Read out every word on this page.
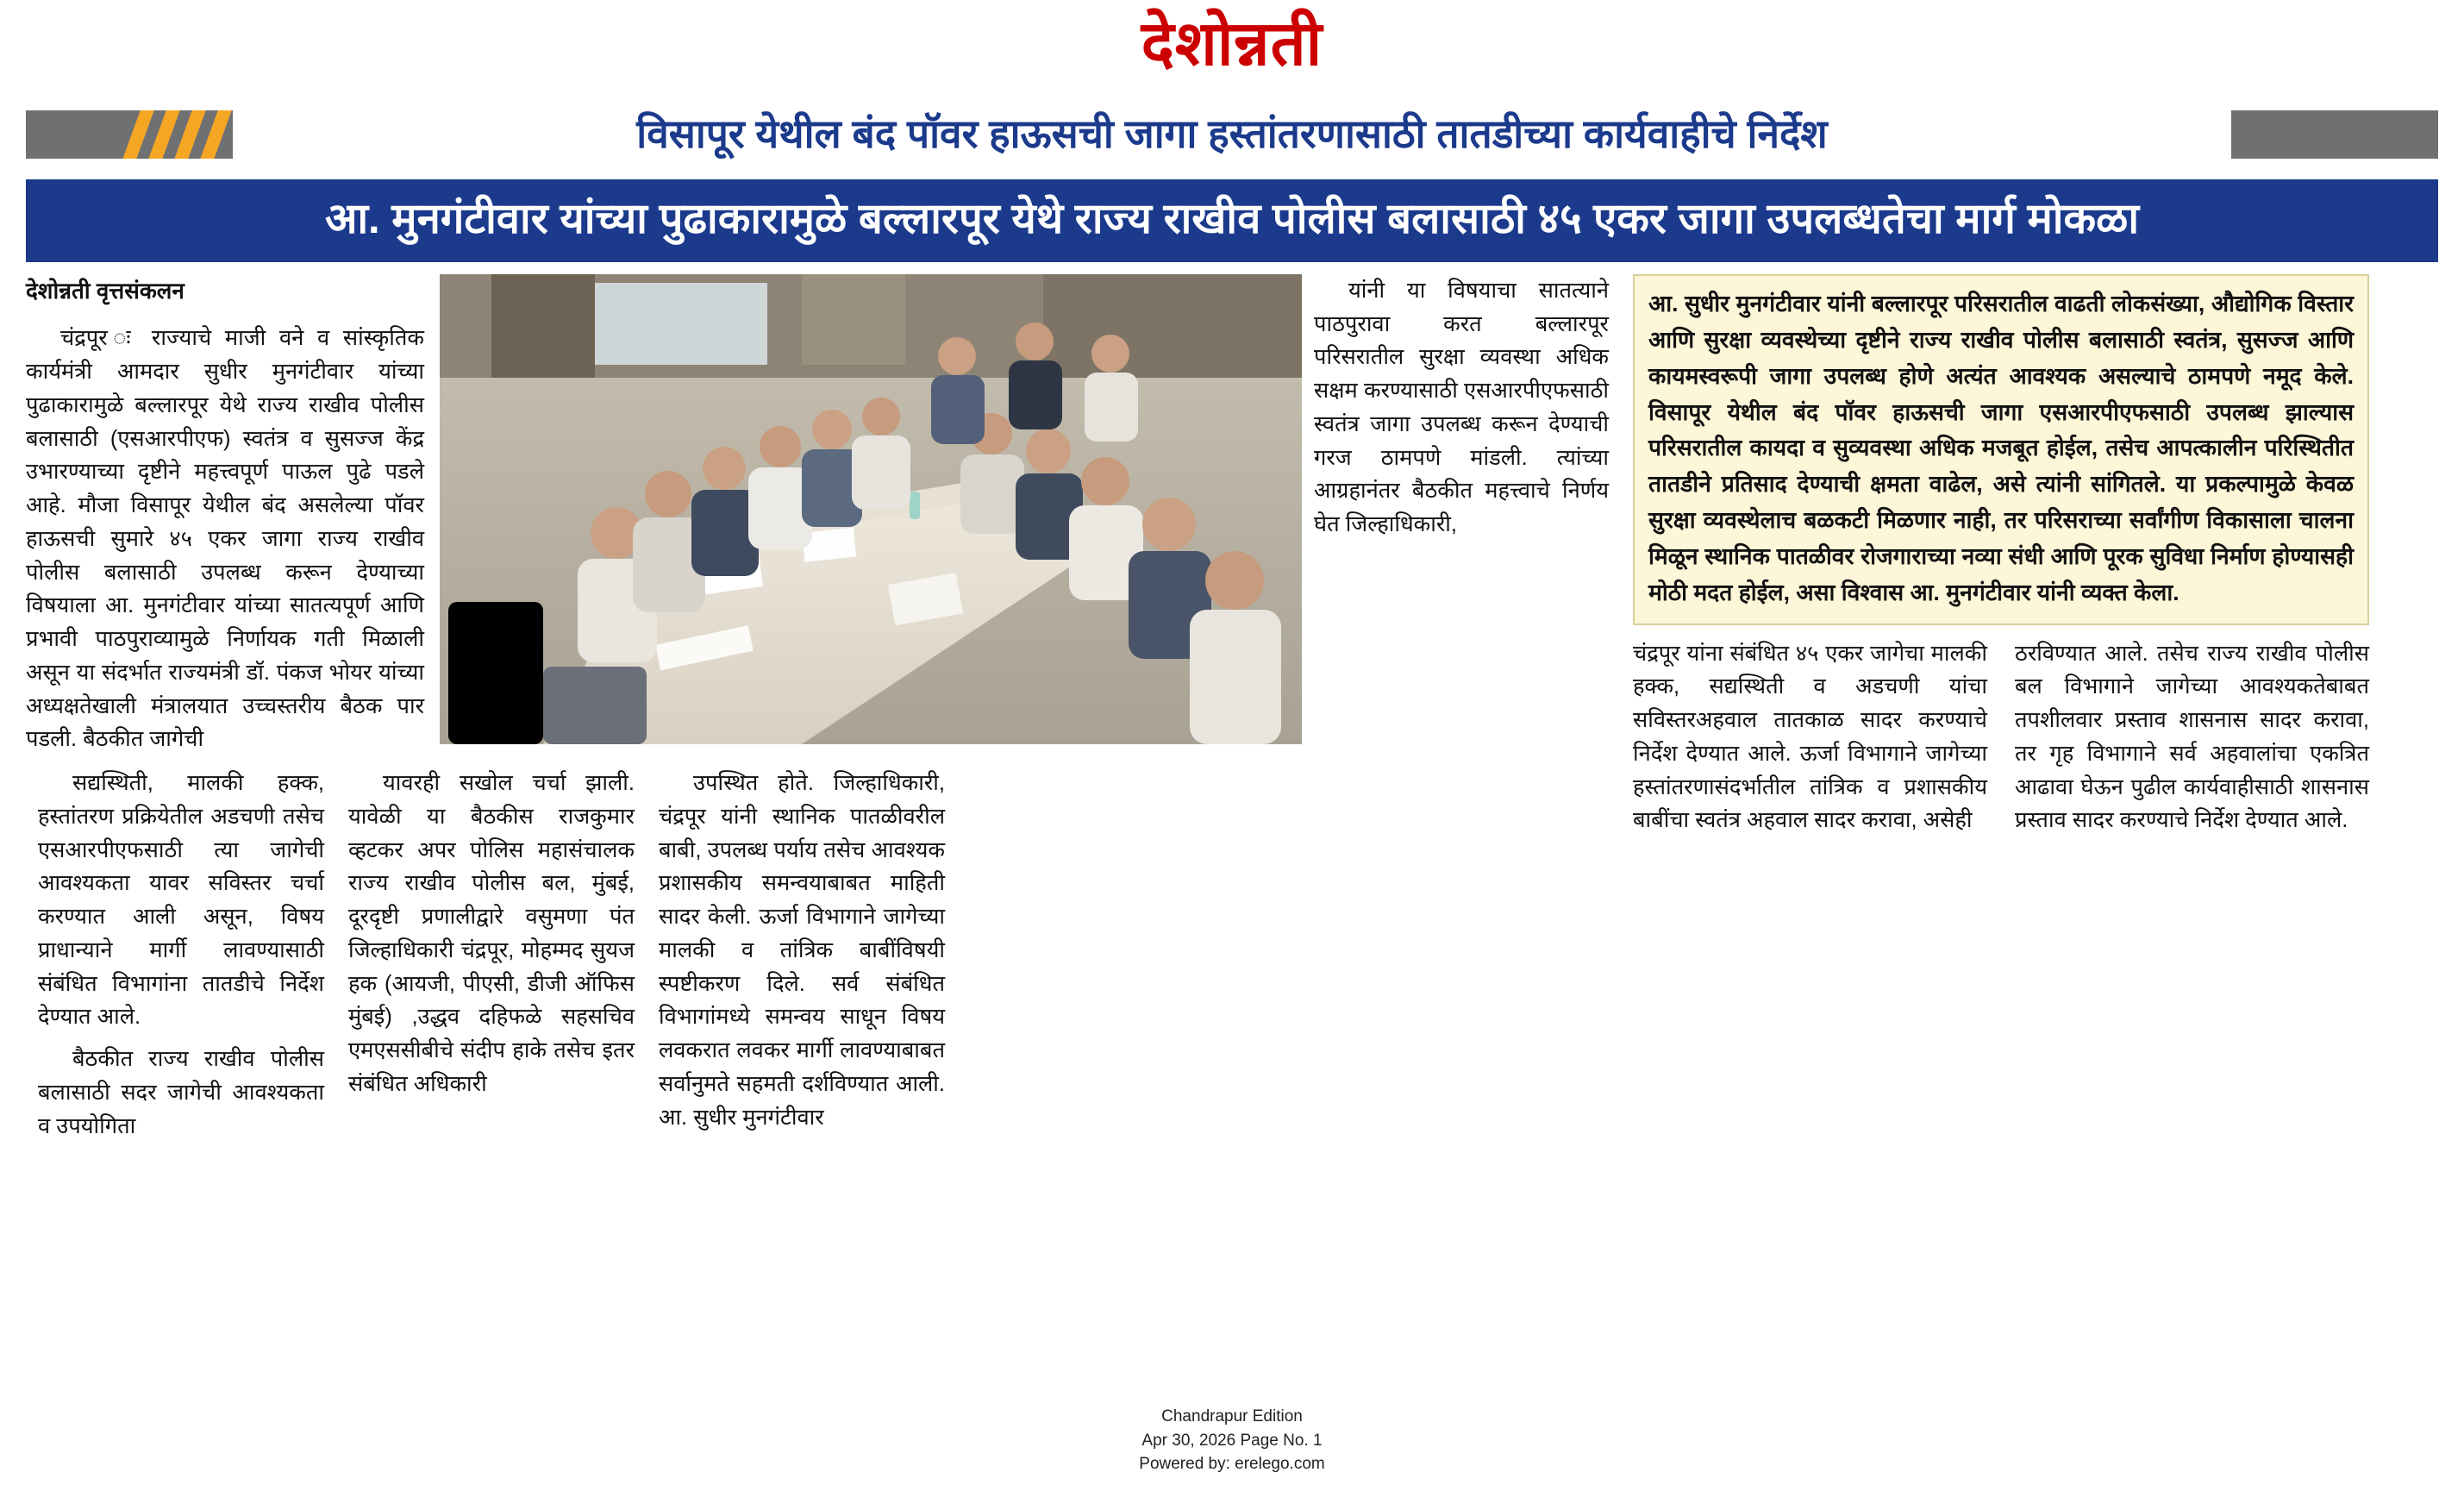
देशोन्नती
विसापूर येथील बंद पॉवर हाऊसची जागा हस्तांतरणासाठी तातडीच्या कार्यवाहीचे निर्देश
आ. मुनगंटीवार यांच्या पुढाकारामुळे बल्लारपूर येथे राज्य राखीव पोलीस बलासाठी ४५ एकर जागा उपलब्धतेचा मार्ग मोकळा
देशोन्नती वृत्तसंकलन
चंद्रपूर ः राज्याचे माजी वने व सांस्कृतिक कार्यमंत्री आमदार सुधीर मुनगंटीवार यांच्या पुढाकारामुळे बल्लारपूर येथे राज्य राखीव पोलीस बलासाठी (एसआरपीएफ) स्वतंत्र व सुसज्ज केंद्र उभारण्याच्या दृष्टीने महत्त्वपूर्ण पाऊल पुढे पडले आहे. मौजा विसापूर येथील बंद असलेल्या पॉवर हाऊसची सुमारे ४५ एकर जागा राज्य राखीव पोलीस बलासाठी उपलब्ध करून देण्याच्या विषयाला आ. मुनगंटीवार यांच्या सातत्यपूर्ण आणि प्रभावी पाठपुराव्यामुळे निर्णायक गती मिळाली असून या संदर्भात राज्यमंत्री डॉ. पंकज भोयर यांच्या अध्यक्षतेखाली मंत्रालयात उच्चस्तरीय बैठक पार पडली. बैठकीत जागेची
सद्यस्थिती, मालकी हक्क, हस्तांतरण प्रक्रियेतील अडचणी तसेच एसआरपीएफसाठी त्या जागेची आवश्यकता यावर सविस्तर चर्चा करण्यात आली असून, विषय प्राधान्याने मार्गी लावण्यासाठी संबंधित विभागांना तातडीचे निर्देश देण्यात आले.
बैठकीत राज्य राखीव पोलीस बलासाठी सदर जागेची आवश्यकता व उपयोगिता
यावरही सखोल चर्चा झाली. यावेळी या बैठकीस राजकुमार व्हटकर अपर पोलिस महासंचालक राज्य राखीव पोलीस बल, मुंबई, दूरदृष्टी प्रणालीद्वारे वसुमणा पंत जिल्हाधिकारी चंद्रपूर, मोहम्मद सुयज हक (आयजी, पीएसी, डीजी ऑफिस मुंबई) ,उद्धव दहिफळे सहसचिव एमएससीबीचे संदीप हाके तसेच इतर संबंधित अधिकारी
उपस्थित होते. जिल्हाधिकारी, चंद्रपूर यांनी स्थानिक पातळीवरील बाबी, उपलब्ध पर्याय तसेच आवश्यक प्रशासकीय समन्वयाबाबत माहिती सादर केली. ऊर्जा विभागाने जागेच्या मालकी व तांत्रिक बाबींविषयी स्पष्टीकरण दिले. सर्व संबंधित विभागांमध्ये समन्वय साधून विषय लवकरात लवकर मार्गी लावण्याबाबत सर्वानुमते सहमती दर्शविण्यात आली. आ. सुधीर मुनगंटीवार
यांनी या विषयाचा सातत्याने पाठपुरावा करत बल्लारपूर परिसरातील सुरक्षा व्यवस्था अधिक सक्षम करण्यासाठी एसआरपीएफसाठी स्वतंत्र जागा उपलब्ध करून देण्याची गरज ठामपणे मांडली. त्यांच्या आग्रहानंतर बैठकीत महत्त्वाचे निर्णय घेत जिल्हाधिकारी,
आ. सुधीर मुनगंटीवार यांनी बल्लारपूर परिसरातील वाढती लोकसंख्या, औद्योगिक विस्तार आणि सुरक्षा व्यवस्थेच्या दृष्टीने राज्य राखीव पोलीस बलासाठी स्वतंत्र, सुसज्ज आणि कायमस्वरूपी जागा उपलब्ध होणे अत्यंत आवश्यक असल्याचे ठामपणे नमूद केले. विसापूर येथील बंद पॉवर हाऊसची जागा एसआरपीएफसाठी उपलब्ध झाल्यास परिसरातील कायदा व सुव्यवस्था अधिक मजबूत होईल, तसेच आपत्कालीन परिस्थितीत तातडीने प्रतिसाद देण्याची क्षमता वाढेल, असे त्यांनी सांगितले. या प्रकल्पामुळे केवळ सुरक्षा व्यवस्थेलाच बळकटी मिळणार नाही, तर परिसराच्या सर्वांगीण विकासाला चालना मिळून स्थानिक पातळीवर रोजगाराच्या नव्या संधी आणि पूरक सुविधा निर्माण होण्यासही मोठी मदत होईल, असा विश्वास आ. मुनगंटीवार यांनी व्यक्त केला.
चंद्रपूर यांना संबंधित ४५ एकर जागेचा मालकी हक्क, सद्यस्थिती व अडचणी यांचा सविस्तरअहवाल तातकाळ सादर करण्याचे निर्देश देण्यात आले. ऊर्जा विभागाने जागेच्या हस्तांतरणासंदर्भातील तांत्रिक व प्रशासकीय बाबींचा स्वतंत्र अहवाल सादर करावा, असेही
ठरविण्यात आले. तसेच राज्य राखीव पोलीस बल विभागाने जागेच्या आवश्यकतेबाबत तपशीलवार प्रस्ताव शासनास सादर करावा, तर गृह विभागाने सर्व अहवालांचा एकत्रित आढावा घेऊन पुढील कार्यवाहीसाठी शासनास प्रस्ताव सादर करण्याचे निर्देश देण्यात आले.
Chandrapur Edition
Apr 30, 2026 Page No. 1
Powered by: erelego.com
